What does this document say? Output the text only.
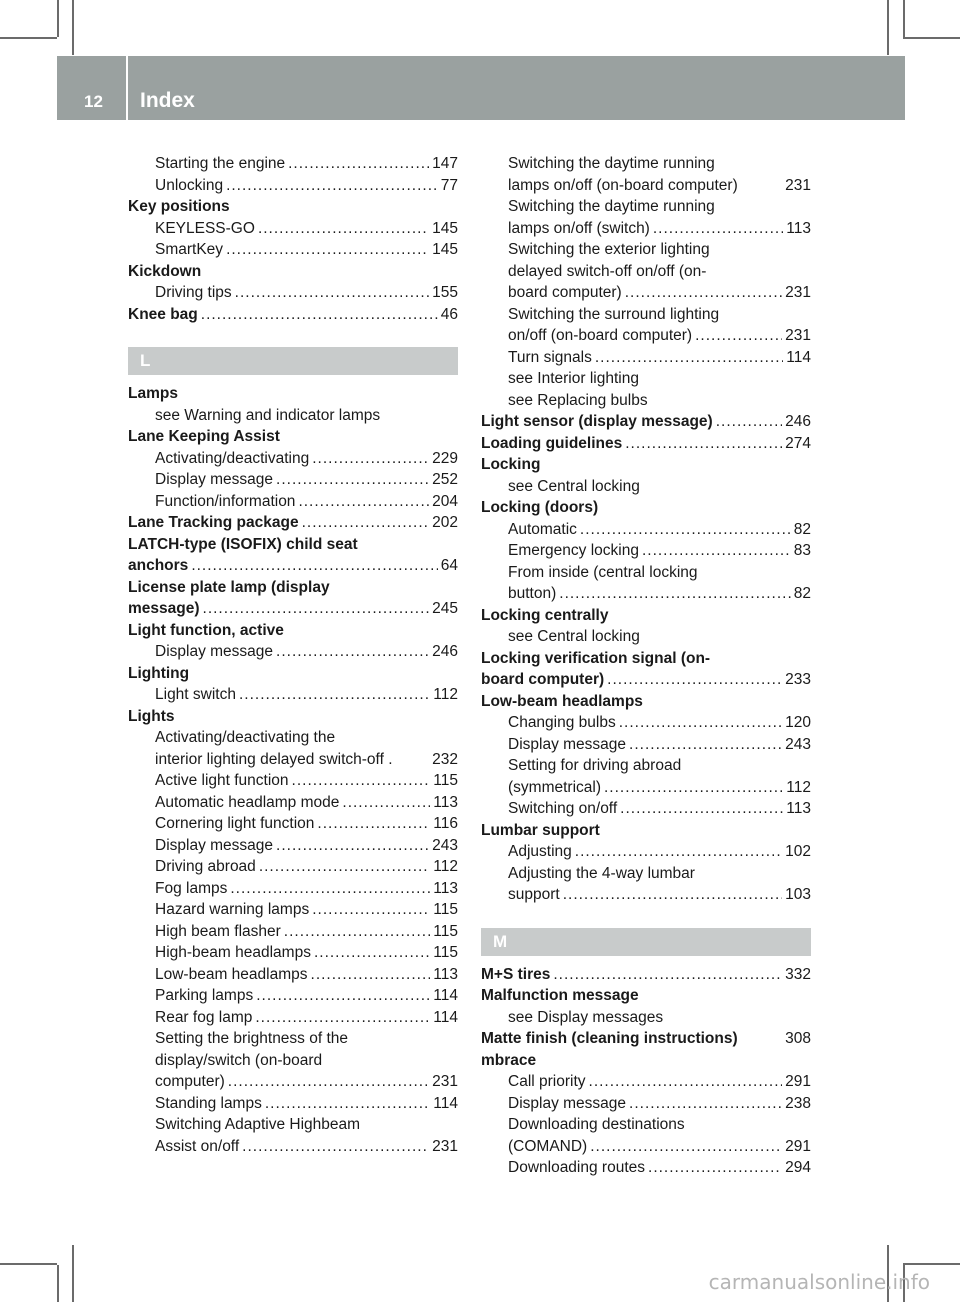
12 Index
Starting the engine .....	147
Unlocking .....	77
Key positions
KEYLESS-GO .....	145
SmartKey .....	145
Kickdown
Driving tips .....	155
Knee bag .....	46
L
Lamps
see Warning and indicator lamps
Lane Keeping Assist
Activating/deactivating .....	229
Display message .....	252
Function/information .....	204
Lane Tracking package .....	202
LATCH-type (ISOFIX) child seat
anchors .....	64
License plate lamp (display
message) .....	245
Light function, active
Display message .....	246
Lighting
Light switch .....	112
Lights
Activating/deactivating the
interior lighting delayed switch-off .	232
Active light function .....	115
Automatic headlamp mode .....	113
Cornering light function .....	116
Display message .....	243
Driving abroad .....	112
Fog lamps .....	113
Hazard warning lamps .....	115
High beam flasher .....	115
High-beam headlamps .....	115
Low-beam headlamps .....	113
Parking lamps .....	114
Rear fog lamp .....	114
Setting the brightness of the
display/switch (on-board
computer) .....	231
Standing lamps .....	114
Switching Adaptive Highbeam
Assist on/off .....	231
Switching the daytime running
lamps on/off (on-board computer)	231
Switching the daytime running
lamps on/off (switch) .....	113
Switching the exterior lighting
delayed switch-off on/off (on-
board computer) .....	231
Switching the surround lighting
on/off (on-board computer) .....	231
Turn signals .....	114
see Interior lighting
see Replacing bulbs
Light sensor (display message) .....	246
Loading guidelines .....	274
Locking
see Central locking
Locking (doors)
Automatic .....	82
Emergency locking .....	83
From inside (central locking
button) .....	82
Locking centrally
see Central locking
Locking verification signal (on-
board computer) .....	233
Low-beam headlamps
Changing bulbs .....	120
Display message .....	243
Setting for driving abroad
(symmetrical) .....	112
Switching on/off .....	113
Lumbar support
Adjusting .....	102
Adjusting the 4-way lumbar
support .....	103
M
M+S tires .....	332
Malfunction message
see Display messages
Matte finish (cleaning instructions)	308
mbrace
Call priority .....	291
Display message .....	238
Downloading destinations
(COMAND) .....	291
Downloading routes .....	294
carmanualsonline.info
